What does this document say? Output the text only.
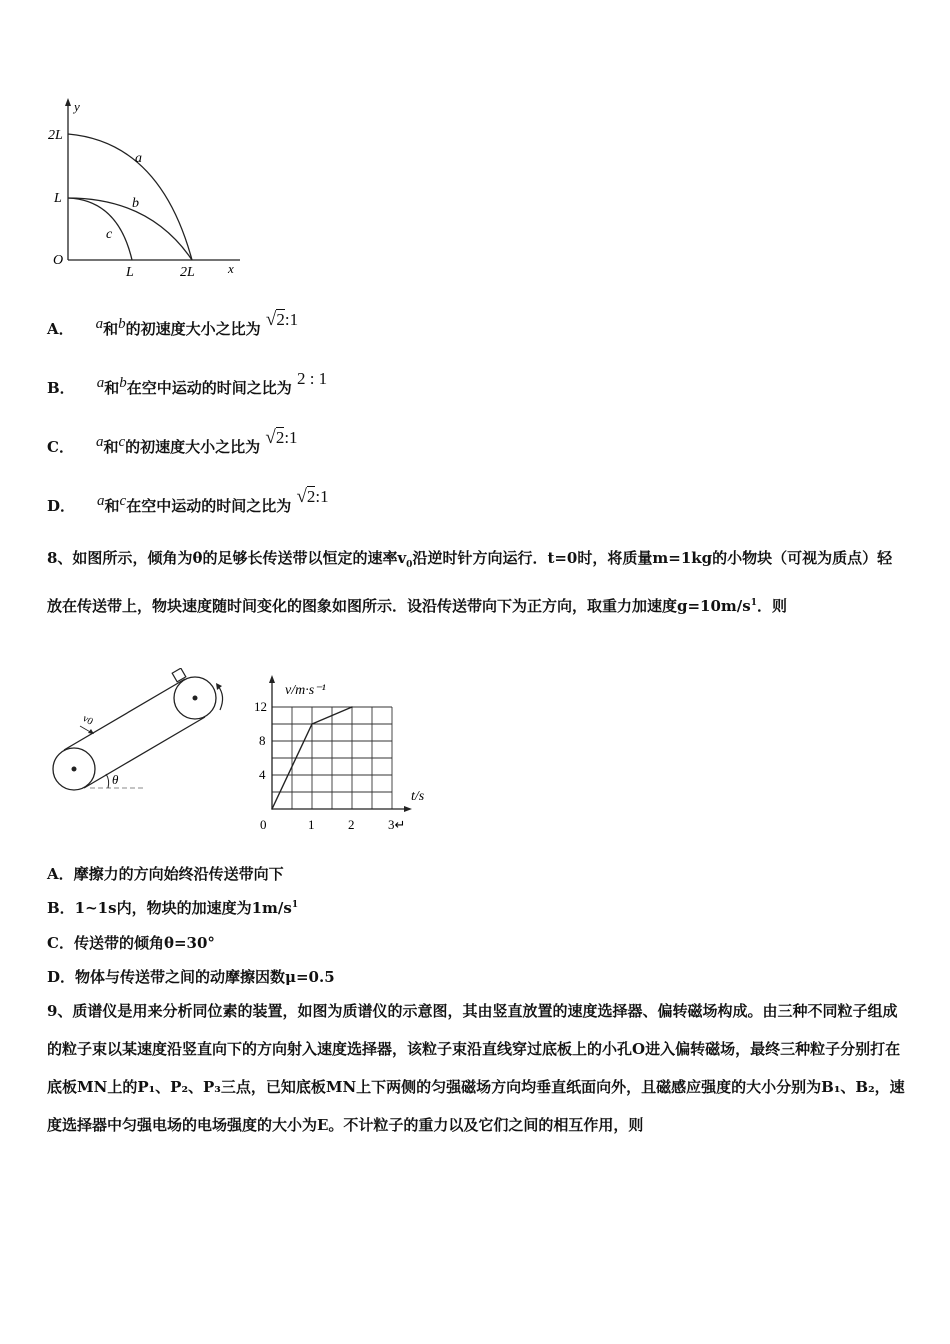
y
x
O
2L
L
L	2L
a
b
c
A． a和b的初速度大小之比为 √2:1
B． a和b在空中运动的时间之比为 2 : 1
C． a和c的初速度大小之比为 √2:1
D． a和c在空中运动的时间之比为 √2:1
8、如图所示，倾角为θ的足够长传送带以恒定的速率$v_0$沿逆时针方向运行．t=0时，将质量m=1kg的小物块（可视为质点）轻放在传送带上，物块速度随时间变化的图象如图所示．设沿传送带向下为正方向，取重力加速度$g=10m/s^1$．则
θ
v0
v/m·s⁻¹
t/s
0
12
8
4
1	2	3↵
A．摩擦力的方向始终沿传送带向下
B．1~1s内，物块的加速度为$1m/s^1$
C．传送带的倾角θ=30°
D．物体与传送带之间的动摩擦因数μ=0.5
9、质谱仪是用来分析同位素的装置，如图为质谱仪的示意图，其由竖直放置的速度选择器、偏转磁场构成。由三种不同粒子组成的粒子束以某速度沿竖直向下的方向射入速度选择器，该粒子束沿直线穿过底板上的小孔O进入偏转磁场，最终三种粒子分别打在底板MN上的P₁、P₂、P₃三点，已知底板MN上下两侧的匀强磁场方向均垂直纸面向外，且磁感应强度的大小分别为B₁、B₂，速度选择器中匀强电场的电场强度的大小为E。不计粒子的重力以及它们之间的相互作用，则
